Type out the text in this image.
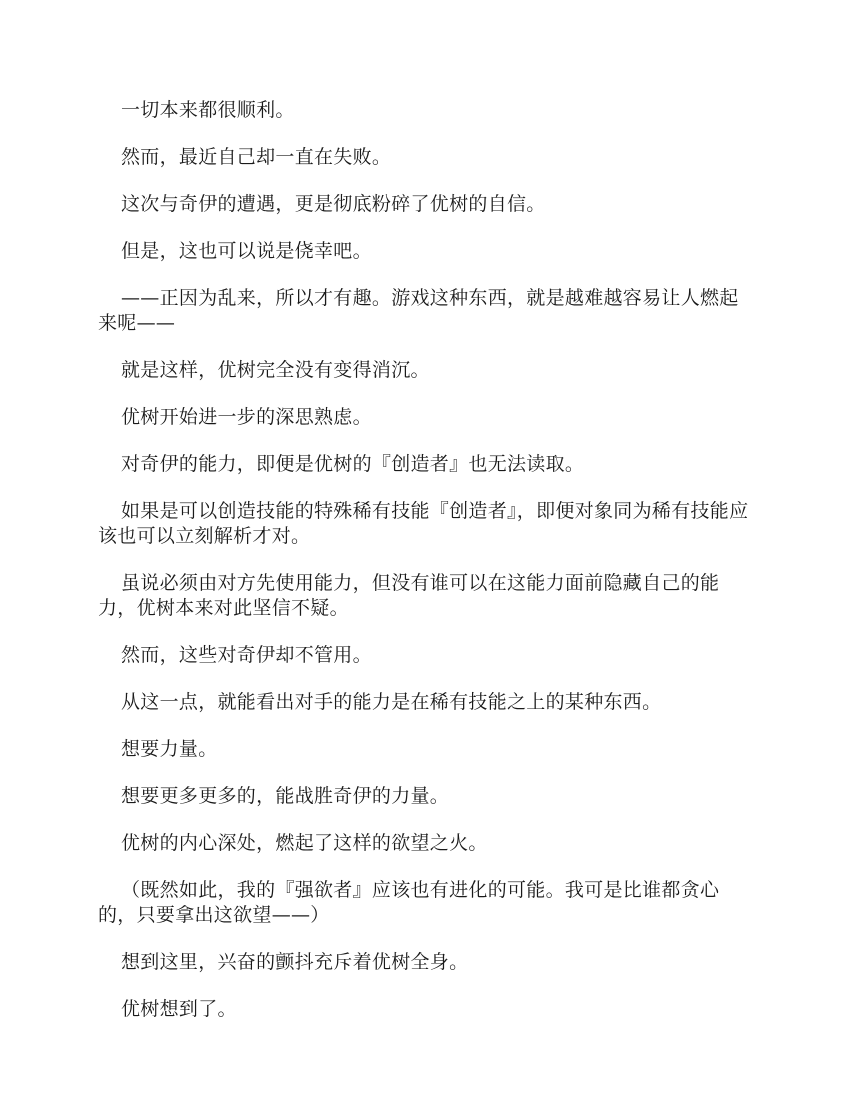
一切本来都很顺利。

然而，最近自己却一直在失败。

这次与奇伊的遭遇，更是彻底粉碎了优树的自信。

但是，这也可以说是侥幸吧。

——正因为乱来，所以才有趣。游戏这种东西，就是越难越容易让人燃起来呢——

就是这样，优树完全没有变得消沉。

优树开始进一步的深思熟虑。

对奇伊的能力，即便是优树的『创造者』也无法读取。

如果是可以创造技能的特殊稀有技能『创造者』，即便对象同为稀有技能应该也可以立刻解析才对。

虽说必须由对方先使用能力，但没有谁可以在这能力面前隐藏自己的能力，优树本来对此坚信不疑。

然而，这些对奇伊却不管用。

从这一点，就能看出对手的能力是在稀有技能之上的某种东西。

想要力量。

想要更多更多的，能战胜奇伊的力量。

优树的内心深处，燃起了这样的欲望之火。

（既然如此，我的『强欲者』应该也有进化的可能。我可是比谁都贪心的，只要拿出这欲望——）

想到这里，兴奋的颤抖充斥着优树全身。

优树想到了。
